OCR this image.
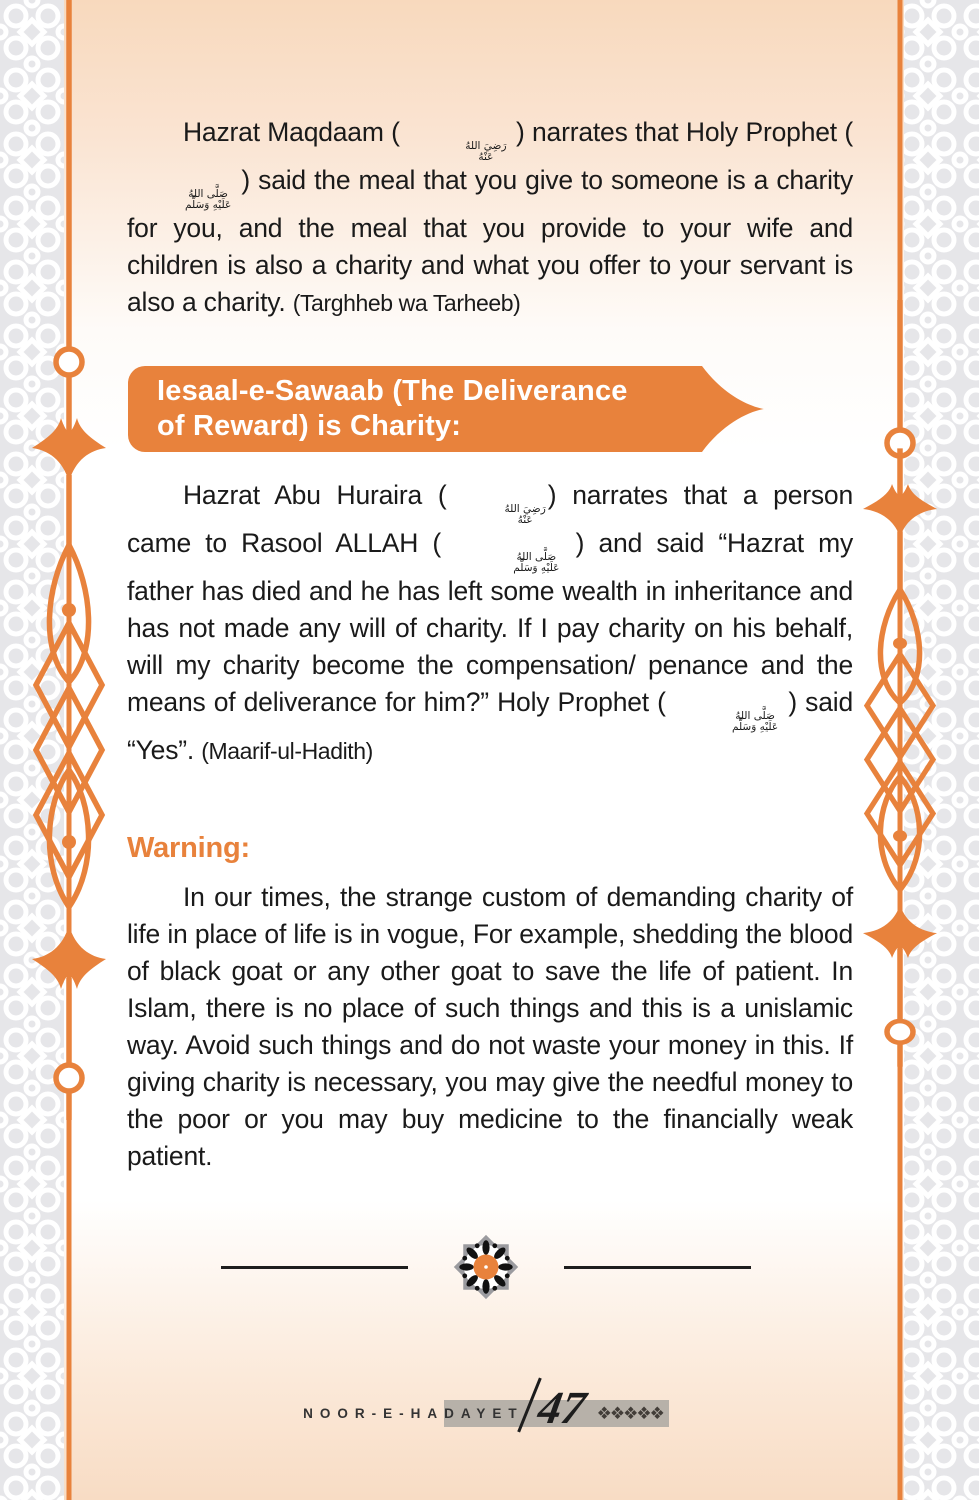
Hazrat Maqdaam (	رَضِيَ اللهُ
عَنْهُ
) narrates that Holy Prophet (
صَلَّى اللهُ
عَلَيْهِ وَسَلَّم
) said the meal that you give to someone is a charity for you, and the meal that you provide to your wife and children is also a charity and what you offer to your servant is also a charity. (Targhheb wa Tarheeb)

Iesaal-e-Sawaab (The Deliverance
of Reward) is Charity:

Hazrat Abu Huraira (	رَضِيَ اللهُ
عَنْهُ
) narrates that a person came to Rasool ALLAH (	صَلَّى اللهُ
عَلَيْهِ وَسَلَّم
) and said “Hazrat my father has died and he has left some wealth in inheritance and has not made any will of charity. If I pay charity on his behalf, will my charity become the compensation/ penance and the means of deliverance for him?” Holy Prophet (	صَلَّى اللهُ
عَلَيْهِ وَسَلَّم
) said “Yes”. (Maarif-ul-Hadith)

Warning:

In our times, the strange custom of demanding charity of life in place of life is in vogue, For example, shedding the blood of black goat or any other goat to save the life of patient. In Islam, there is no place of such things and this is a unislamic way. Avoid such things and do not waste your money in this. If giving charity is necessary, you may give the needful money to the poor or you may buy medicine to the financially weak patient.

NOOR-E-HA DAYET 47 ❖❖❖❖❖
